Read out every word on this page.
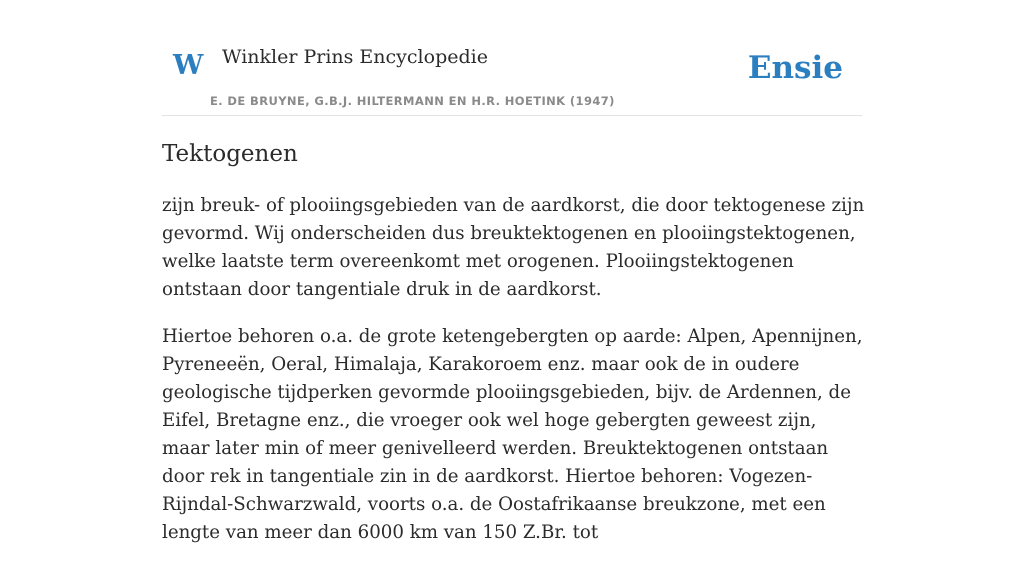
W Winkler Prins Encyclopedie
E. DE BRUYNE, G.B.J. HILTERMANN EN H.R. HOETINK (1947)
Ensie
Tektogenen

zijn breuk- of plooiingsgebieden van de aardkorst, die door tektogenese zijn gevormd. Wij onderscheiden dus breuktektogenen en plooiingstektogenen, welke laatste term overeenkomt met orogenen. Plooiingstektogenen ontstaan door tangentiale druk in de aardkorst.

Hiertoe behoren o.a. de grote ketengebergten op aarde: Alpen, Apennijnen, Pyreneeën, Oeral, Himalaja, Karakoroem enz. maar ook de in oudere geologische tijdperken gevormde plooiingsgebieden, bijv. de Ardennen, de Eifel, Bretagne enz., die vroeger ook wel hoge gebergten geweest zijn, maar later min of meer genivelleerd werden. Breuktektogenen ontstaan door rek in tangentiale zin in de aardkorst. Hiertoe behoren: Vogezen-Rijndal-Schwarzwald, voorts o.a. de Oostafrikaanse breukzone, met een lengte van meer dan 6000 km van 150 Z.Br. tot
